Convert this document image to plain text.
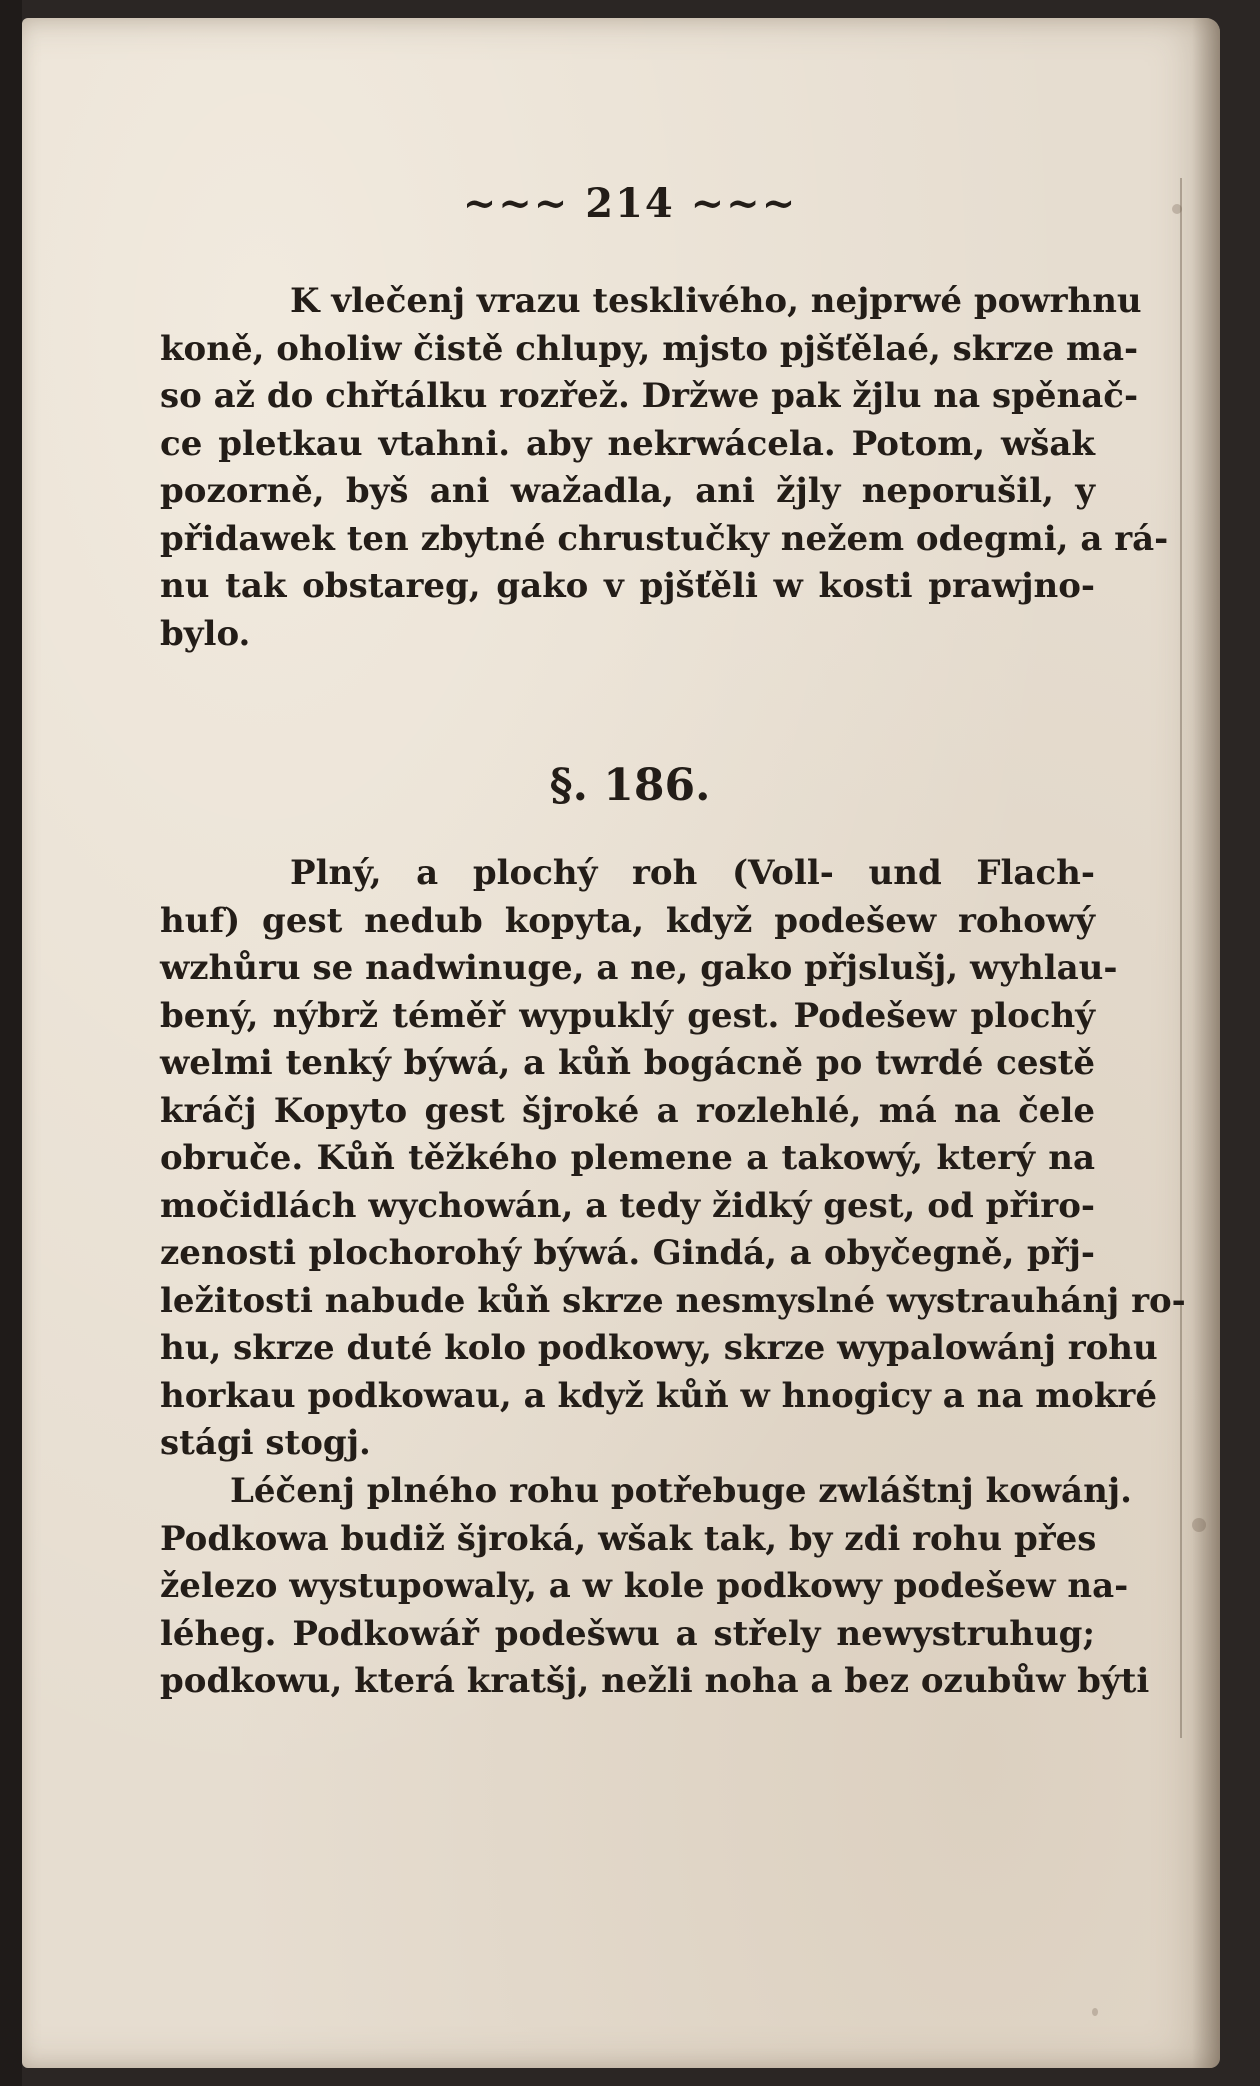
~~~ 214 ~~~
K vlečenj vrazu tesklivého, nejprwé powrhnu
koně, oholiw čistě chlupy, mjsto pjšťělaé, skrze ma-
so až do chřtálku rozřež. Držwe pak žjlu na spěnač-
ce pletkau vtahni. aby nekrwácela. Potom, wšak
pozorně, byš ani wažadla, ani žjly neporušil, y
přidawek ten zbytné chrustučky nežem odegmi, a rá-
nu tak obstareg, gako v pjšťěli w kosti prawjno-
bylo.
§. 186.
Plný, a plochý roh (Voll- und Flach-
huf) gest nedub kopyta, když podešew rohowý
wzhůru se nadwinuge, a ne, gako přjslušj, wyhlau-
bený, nýbrž téměř wypuklý gest. Podešew plochý
welmi tenký býwá, a kůň bogácně po twrdé cestě
kráčj Kopyto gest šjroké a rozlehlé, má na čele
obruče. Kůň těžkého plemene a takowý, který na
močidlách wychowán, a tedy židký gest, od přiro-
zenosti plochorohý býwá. Gindá, a obyčegně, přj-
ležitosti nabude kůň skrze nesmyslné wystrauhánj ro-
hu, skrze duté kolo podkowy, skrze wypalowánj rohu
horkau podkowau, a když kůň w hnogicy a na mokré
stági stogj.
Léčenj plného rohu potřebuge zwláštnj kowánj.
Podkowa budiž šjroká, wšak tak, by zdi rohu přes
železo wystupowaly, a w kole podkowy podešew na-
léheg. Podkowář podešwu a střely newystruhug;
podkowu, která kratšj, nežli noha a bez ozubůw býti
